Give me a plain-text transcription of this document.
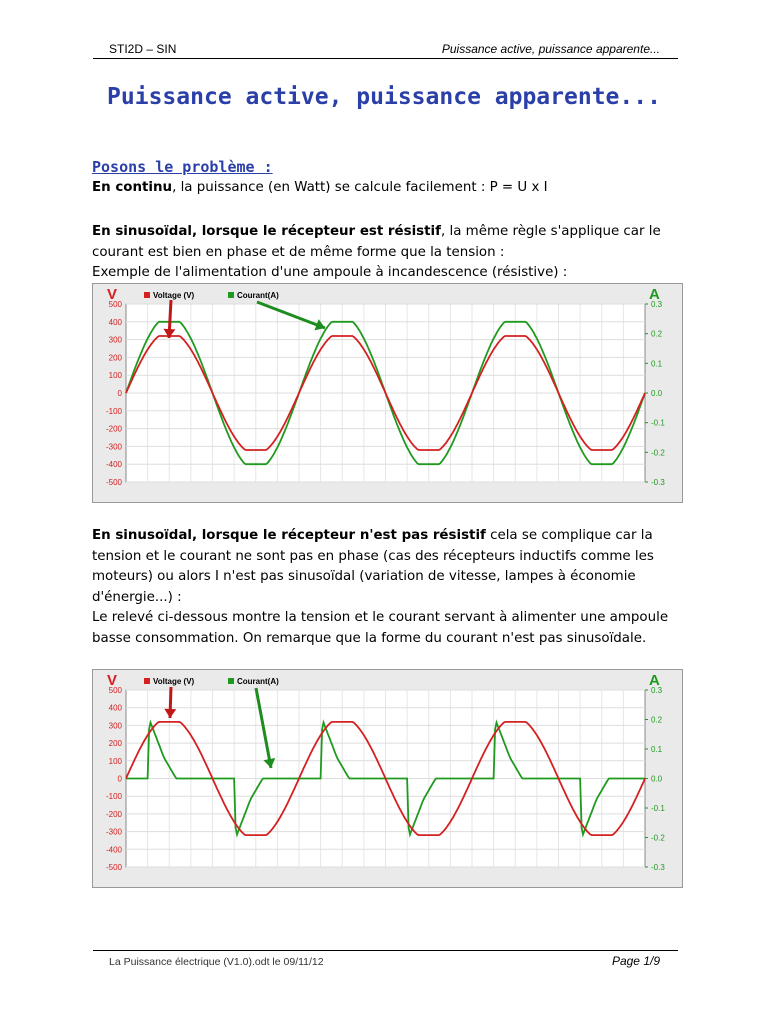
STI2D – SIN	Puissance active, puissance apparente...
Puissance active, puissance apparente...
Posons le problème :
En continu, la puissance (en Watt) se calcule facilement : P = U x I
En sinusoïdal, lorsque le récepteur est résistif, la même règle s'applique car le courant est bien en phase et de même forme que la tension :
Exemple de l'alimentation d'une ampoule à incandescence (résistive) :
500
400
300
200
100
0
-100
-200
-300
-400
-500
0.3
0.2
0.1
0.0
-0.1
-0.2
-0.3
V	A
Voltage (V)	Courant(A)
En sinusoïdal, lorsque le récepteur n'est pas résistif cela se complique car la tension et le courant ne sont pas en phase (cas des récepteurs inductifs comme les moteurs) ou alors I n'est pas sinusoïdal (variation de vitesse, lampes à économie d'énergie...) :
Le relevé ci-dessous montre la tension et le courant servant à alimenter une ampoule basse consommation. On remarque que la forme du courant n'est pas sinusoïdale.
500
400
300
200
100
0
-100
-200
-300
-400
-500
0.3
0.2
0.1
0.0
-0.1
-0.2
-0.3
V	A
Voltage (V)	Courant(A)
La Puissance électrique (V1.0).odt le 09/11/12	Page 1/9
